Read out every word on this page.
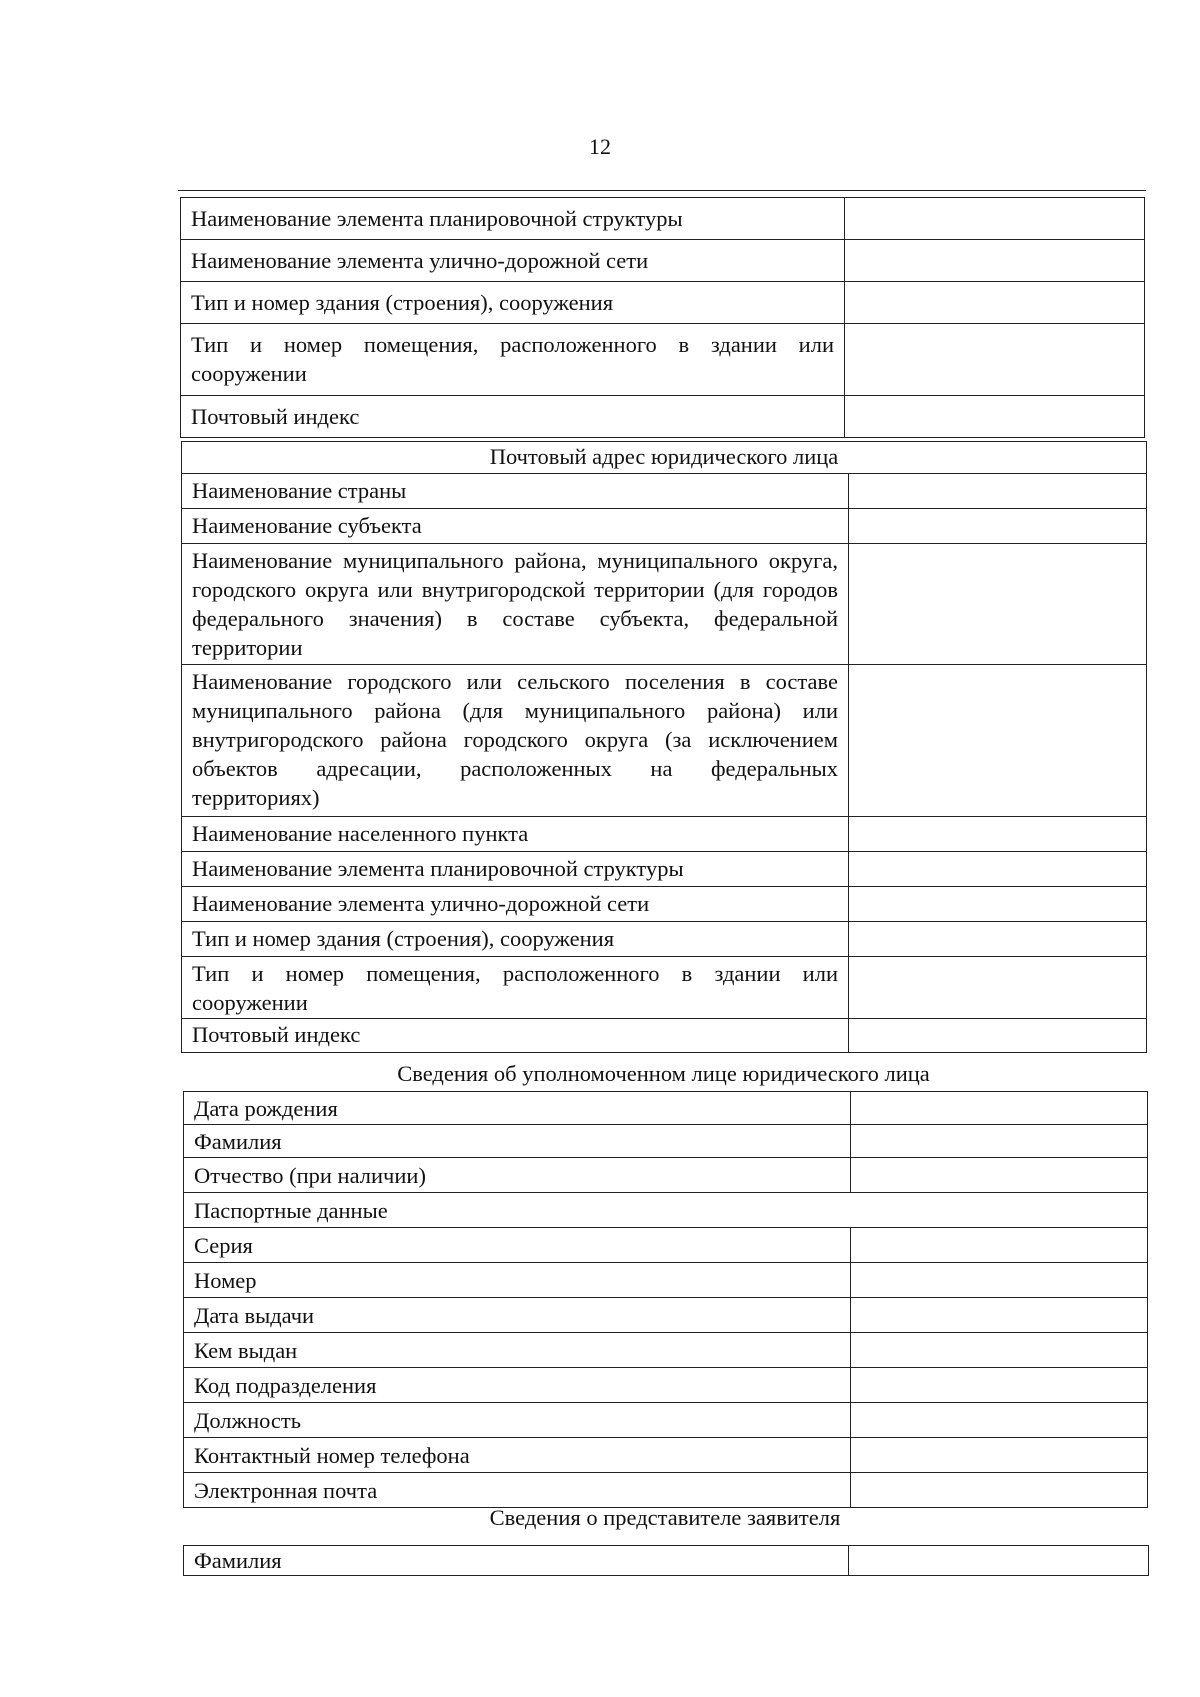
12
Наименование элемента планировочной структуры	
Наименование элемента улично-дорожной сети	
Тип и номер здания (строения), сооружения	
Тип и номер помещения, расположенного в здании или сооружении	
Почтовый индекс	
Почтовый адрес юридического лица	
Наименование страны	
Наименование субъекта	
Наименование муниципального района, муниципального округа, городского округа или внутригородской территории (для городов федерального значения) в составе субъекта, федеральной территории	
Наименование городского или сельского поселения в составе муниципального района (для муниципального района) или внутригородского района городского округа (за исключением объектов адресации, расположенных на федеральных территориях)	
Наименование населенного пункта	
Наименование элемента планировочной структуры	
Наименование элемента улично-дорожной сети	
Тип и номер здания (строения), сооружения	
Тип и номер помещения, расположенного в здании или сооружении	
Почтовый индекс	
Сведения об уполномоченном лице юридического лица
Дата рождения	
Фамилия	
Отчество (при наличии)	
Паспортные данные	
Серия	
Номер	
Дата выдачи	
Кем выдан	
Код подразделения	
Должность	
Контактный номер телефона	
Электронная почта	
Сведения о представителе заявителя
Фамилия	
